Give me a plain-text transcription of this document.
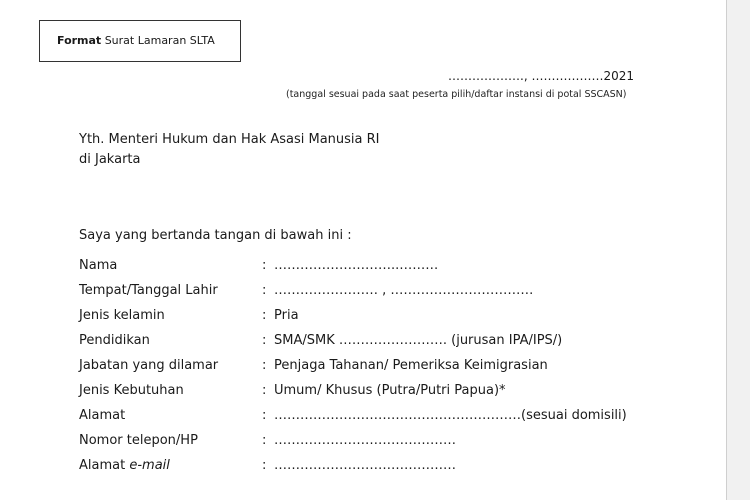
Format Surat Lamaran SLTA
………………., ………………2021
(tanggal sesuai pada saat peserta pilih/daftar instansi di potal SSCASN)
Yth. Menteri Hukum dan Hak Asasi Manusia RI
di Jakarta
Saya yang bertanda tangan di bawah ini :
Nama	: ………………………..………
Tempat/Tanggal Lahir	: …………………… , ……………………………
Jenis kelamin	: Pria
Pendidikan	: SMA/SMK ……………………. (jurusan IPA/IPS/)
Jabatan yang dilamar	: Penjaga Tahanan/ Pemeriksa Keimigrasian
Jenis Kebutuhan	: Umum/ Khusus (Putra/Putri Papua)*
Alamat	: …………………………………………………(sesuai domisili)
Nomor telepon/HP	: ……………………………………
Alamat e-mail	: ……………………………………
